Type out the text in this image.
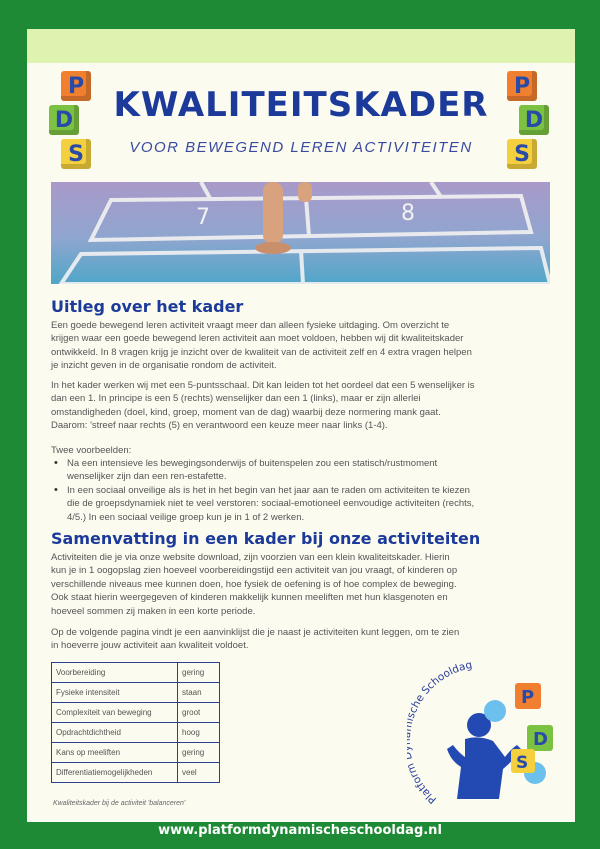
P
D
S
P
D
S
KWALITEITSKADER
VOOR BEWEGEND LEREN ACTIVITEITEN
7	8
Uitleg over het kader
Een goede bewegend leren activiteit vraagt meer dan alleen fysieke uitdaging. Om overzicht te
krijgen waar een goede bewegend leren activiteit aan moet voldoen, hebben wij dit kwaliteitskader
ontwikkeld. In 8 vragen krijg je inzicht over de kwaliteit van de activiteit zelf en 4 extra vragen helpen
je inzicht geven in de organisatie rondom de activiteit.
In het kader werken wij met een 5-puntsschaal. Dit kan leiden tot het oordeel dat een 5 wenselijker is
dan een 1. In principe is een 5 (rechts) wenselijker dan een 1 (links), maar er zijn allerlei
omstandigheden (doel, kind, groep, moment van de dag) waarbij deze normering mank gaat.
Daarom: 'streef naar rechts (5) en verantwoord een keuze meer naar links (1-4).
Twee voorbeelden:
• Na een intensieve les bewegingsonderwijs of buitenspelen zou een statisch/rustmoment
wenselijker zijn dan een ren-estafette.
• In een sociaal onveilige als is het in het begin van het jaar aan te raden om activiteiten te kiezen
die de groepsdynamiek niet te veel verstoren: sociaal-emotioneel eenvoudige activiteiten (rechts,
4/5.) In een sociaal veilige groep kun je in 1 of 2 werken.
Samenvatting in een kader bij onze activiteiten
Activiteiten die je via onze website download, zijn voorzien van een klein kwaliteitskader. Hierin
kun je in 1 oogopslag zien hoeveel voorbereidingstijd een activiteit van jou vraagt, of kinderen op
verschillende niveaus mee kunnen doen, hoe fysiek de oefening is of hoe complex de beweging.
Ook staat hierin weergegeven of kinderen makkelijk kunnen meeliften met hun klasgenoten en
hoeveel sommen zij maken in een korte periode.
Op de volgende pagina vindt je een aanvinklijst die je naast je activiteiten kunt leggen, om te zien
in hoeverre jouw activiteit aan kwaliteit voldoet.
Voorbereiding	gering
Fysieke intensiteit	staan
Complexiteit van beweging	groot
Opdrachtdichtheid	hoog
Kans op meeliften	gering
Differentiatiemogelijkheden	veel
Kwaliteitskader bij de activiteit 'balanceren'	Platfor che Schooldag
P
D
S
www.platformdynamischeschooldag.nl
